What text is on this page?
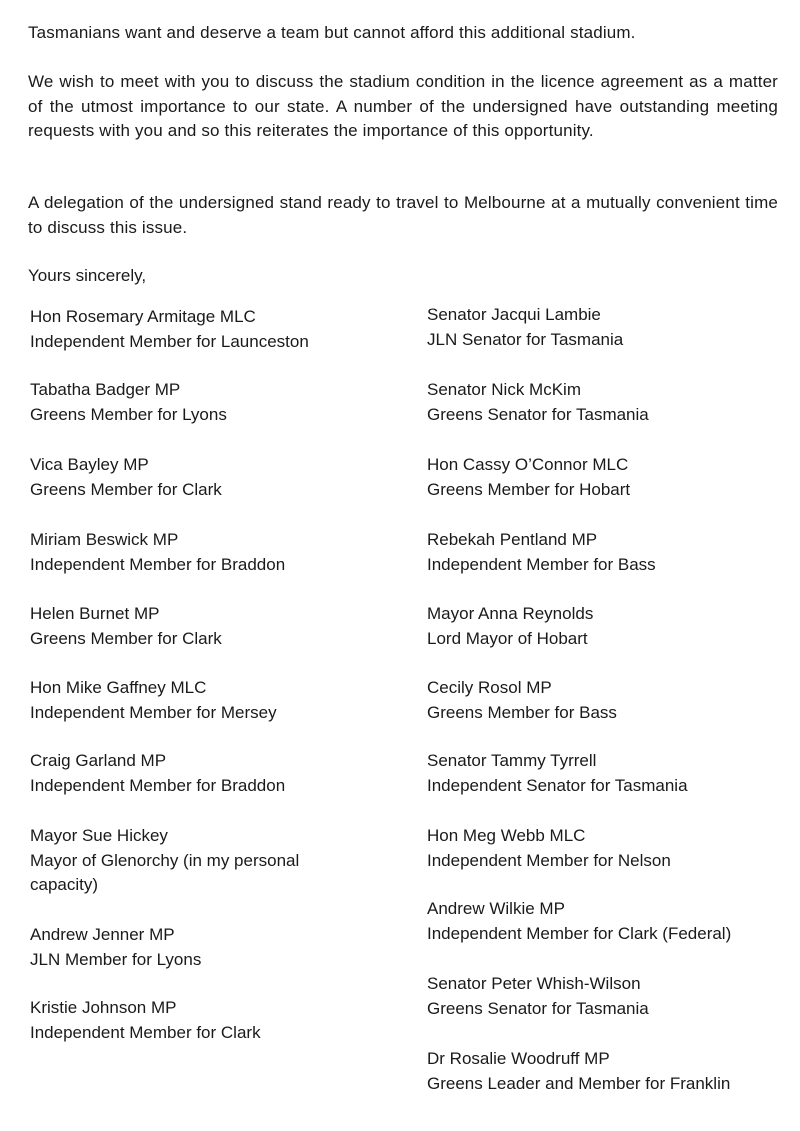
Tasmanians want and deserve a team but cannot afford this additional stadium.

We wish to meet with you to discuss the stadium condition in the licence agreement as a matter of the utmost importance to our state. A number of the undersigned have outstanding meeting requests with you and so this reiterates the importance of this opportunity.

A delegation of the undersigned stand ready to travel to Melbourne at a mutually convenient time to discuss this issue.

Yours sincerely,

Hon Rosemary Armitage MLC
Independent Member for Launceston
Tabatha Badger MP
Greens Member for Lyons
Vica Bayley MP
Greens Member for Clark
Miriam Beswick MP
Independent Member for Braddon
Helen Burnet MP
Greens Member for Clark
Hon Mike Gaffney MLC
Independent Member for Mersey
Craig Garland MP
Independent Member for Braddon
Mayor Sue Hickey
Mayor of Glenorchy (in my personal capacity)
Andrew Jenner MP
JLN Member for Lyons
Kristie Johnson MP
Independent Member for Clark
Senator Jacqui Lambie
JLN Senator for Tasmania
Senator Nick McKim
Greens Senator for Tasmania
Hon Cassy O’Connor MLC
Greens Member for Hobart
Rebekah Pentland MP
Independent Member for Bass
Mayor Anna Reynolds
Lord Mayor of Hobart
Cecily Rosol MP
Greens Member for Bass
Senator Tammy Tyrrell
Independent Senator for Tasmania
Hon Meg Webb MLC
Independent Member for Nelson
Andrew Wilkie MP
Independent Member for Clark (Federal)
Senator Peter Whish-Wilson
Greens Senator for Tasmania
Dr Rosalie Woodruff MP
Greens Leader and Member for Franklin
